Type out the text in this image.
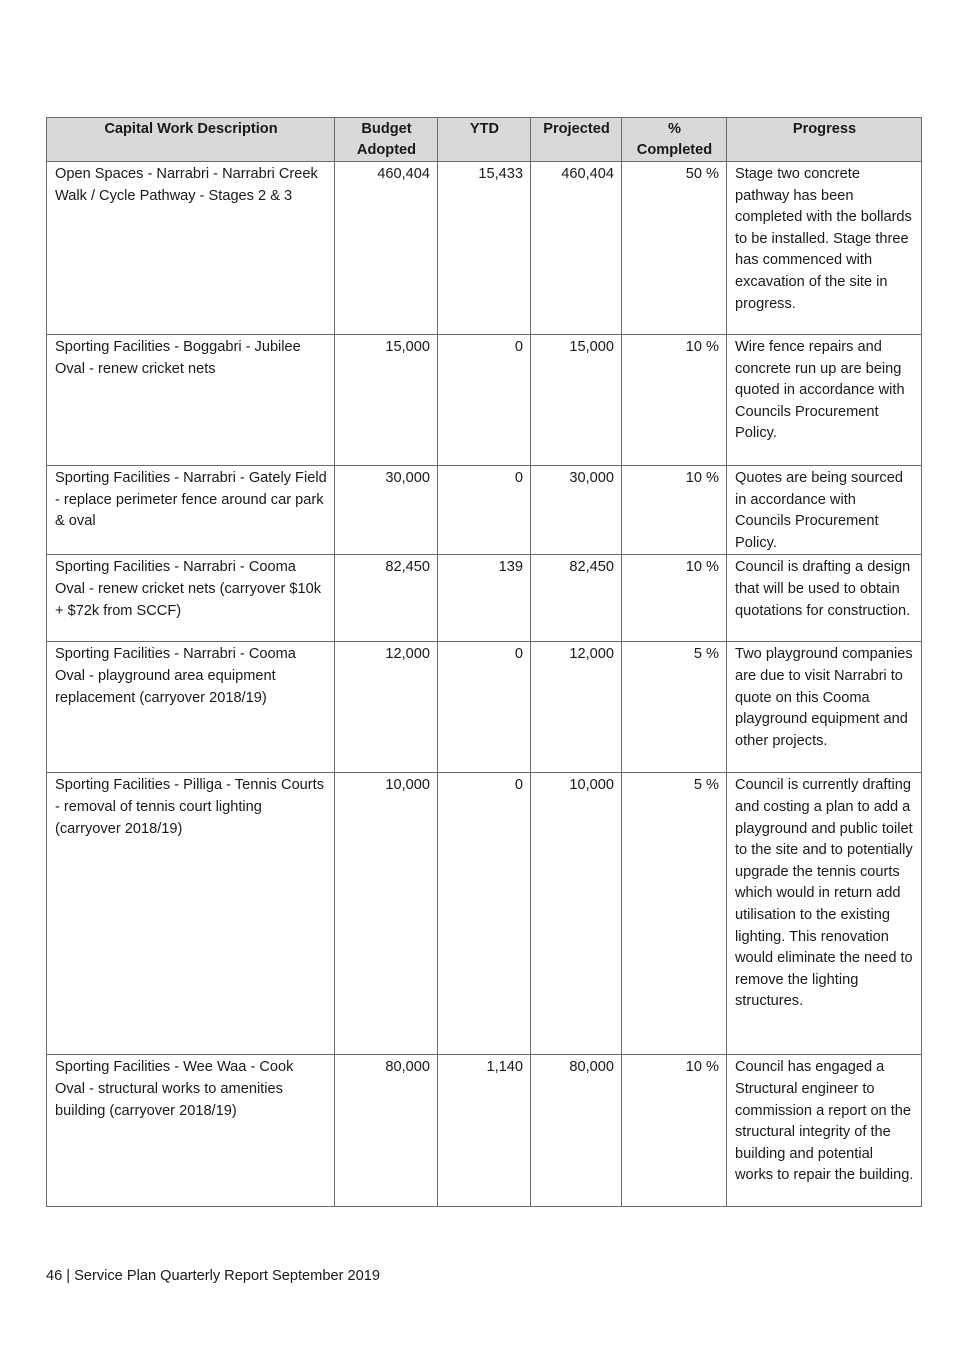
Capital Work Description	Budget Adopted	YTD	Projected	% Completed	Progress
Open Spaces - Narrabri - Narrabri Creek Walk / Cycle Pathway - Stages 2 & 3	460,404	15,433	460,404	50 %	Stage two concrete pathway has been completed with the bollards to be installed. Stage three has commenced with excavation of the site in progress.
Sporting Facilities - Boggabri - Jubilee Oval - renew cricket nets	15,000	0	15,000	10 %	Wire fence repairs and concrete run up are being quoted in accordance with Councils Procurement Policy.
Sporting Facilities - Narrabri - Gately Field - replace perimeter fence around car park & oval	30,000	0	30,000	10 %	Quotes are being sourced in accordance with Councils Procurement Policy.
Sporting Facilities - Narrabri - Cooma Oval - renew cricket nets (carryover $10k + $72k from SCCF)	82,450	139	82,450	10 %	Council is drafting a design that will be used to obtain quotations for construction.
Sporting Facilities - Narrabri - Cooma Oval - playground area equipment replacement (carryover 2018/19)	12,000	0	12,000	5 %	Two playground companies are due to visit Narrabri to quote on this Cooma playground equipment and other projects.
Sporting Facilities - Pilliga - Tennis Courts - removal of tennis court lighting (carryover 2018/19)	10,000	0	10,000	5 %	Council is currently drafting and costing a plan to add a playground and public toilet to the site and to potentially upgrade the tennis courts which would in return add utilisation to the existing lighting. This renovation would eliminate the need to remove the lighting structures.
Sporting Facilities - Wee Waa - Cook Oval - structural works to amenities building (carryover 2018/19)	80,000	1,140	80,000	10 %	Council has engaged a Structural engineer to commission a report on the structural integrity of the building and potential works to repair the building.
46 | Service Plan Quarterly Report September 2019
